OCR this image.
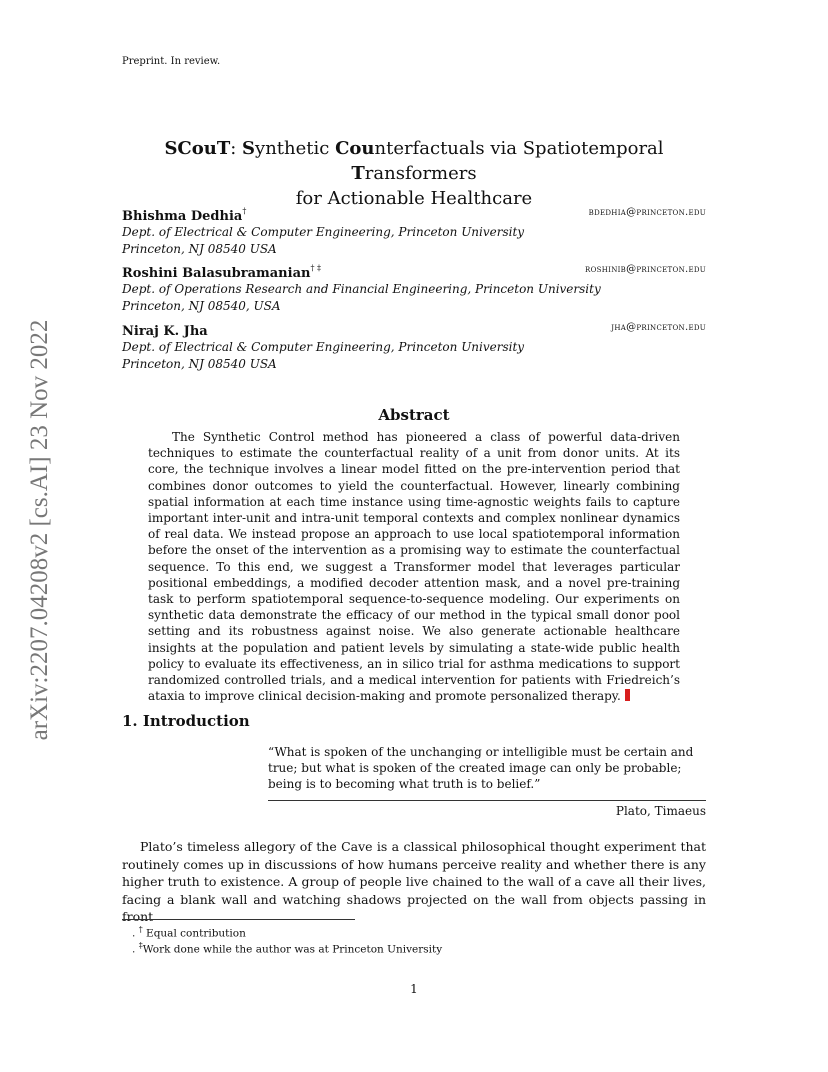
Preprint. In review.
SCouT: Synthetic Counterfactuals via Spatiotemporal Transformers
for Actionable Healthcare
Bhishma Dedhia†	bdedhia@princeton.edu
Dept. of Electrical & Computer Engineering, Princeton University
Princeton, NJ 08540 USA
Roshini Balasubramanian† ‡	roshinib@princeton.edu
Dept. of Operations Research and Financial Engineering, Princeton University
Princeton, NJ 08540, USA
Niraj K. Jha	jha@princeton.edu
Dept. of Electrical & Computer Engineering, Princeton University
Princeton, NJ 08540 USA
arXiv:2207.04208v2 [cs.AI] 23 Nov 2022	Abstract
The Synthetic Control method has pioneered a class of powerful data-driven techniques to estimate the counterfactual reality of a unit from donor units. At its core, the technique involves a linear model fitted on the pre-intervention period that combines donor outcomes to yield the counterfactual. However, linearly combining spatial information at each time instance using time-agnostic weights fails to capture important inter-unit and intra-unit temporal contexts and complex nonlinear dynamics of real data. We instead propose an approach to use local spatiotemporal information before the onset of the intervention as a promising way to estimate the counterfactual sequence. To this end, we suggest a Transformer model that leverages particular positional embeddings, a modified decoder attention mask, and a novel pre-training task to perform spatiotemporal sequence-to-sequence modeling. Our experiments on synthetic data demonstrate the efficacy of our method in the typical small donor pool setting and its robustness against noise. We also generate actionable healthcare insights at the population and patient levels by simulating a state-wide public health policy to evaluate its effectiveness, an in silico trial for asthma medications to support randomized controlled trials, and a medical intervention for patients with Friedreich’s ataxia to improve clinical decision-making and promote personalized therapy.
1. Introduction
“What is spoken of the unchanging or intelligible must be certain and true; but what is spoken of the created image can only be probable; being is to becoming what truth is to belief.”
Plato, Timaeus
Plato’s timeless allegory of the Cave is a classical philosophical thought experiment that routinely comes up in discussions of how humans perceive reality and whether there is any higher truth to existence. A group of people live chained to the wall of a cave all their lives, facing a blank wall and watching shadows projected on the wall from objects passing in front
. † Equal contribution
. ‡Work done while the author was at Princeton University
1
